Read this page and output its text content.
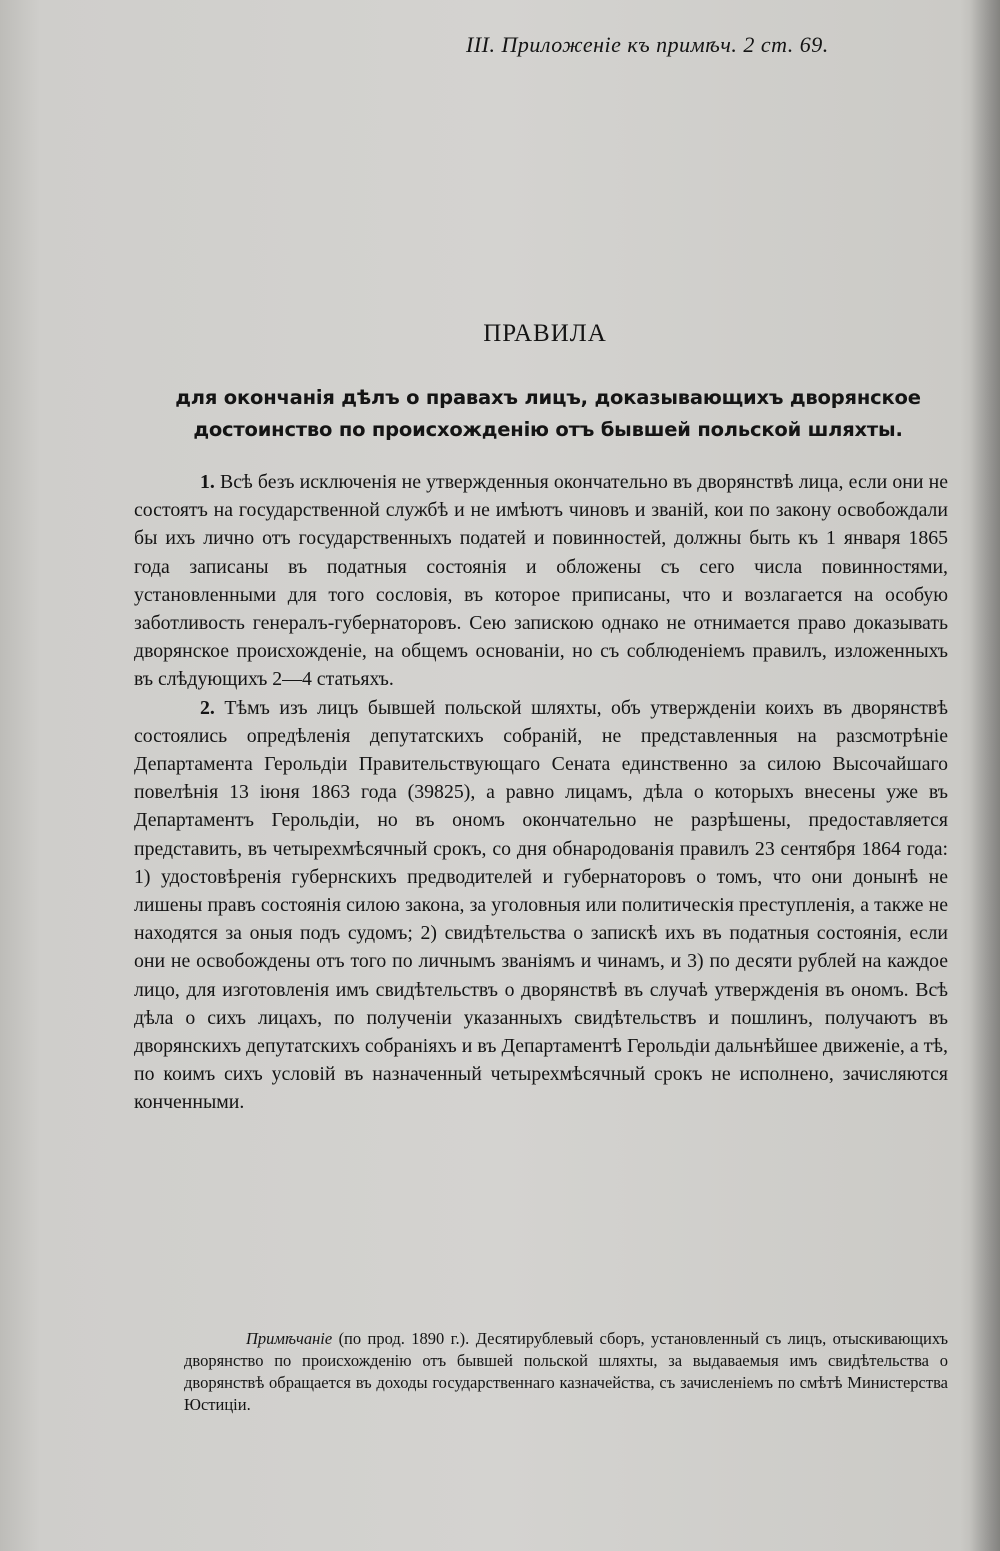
III. Приложеніе къ примѣч. 2 ст. 69.
ПРАВИЛА
для окончанія дѣлъ о правахъ лицъ, доказывающихъ дворянское достоинство по происхожденію отъ бывшей польской шляхты.

1. Всѣ безъ исключенія не утвержденныя окончательно въ дворянствѣ лица, если они не состоятъ на государственной службѣ и не имѣютъ чиновъ и званій, кои по закону освобождали бы ихъ лично отъ государственныхъ податей и повинностей, должны быть къ 1 января 1865 года записаны въ податныя состоянія и обложены съ сего числа повинностями, установленными для того сословія, въ которое приписаны, что и возлагается на особую заботливость генералъ-губернаторовъ. Сею запискою однако не отнимается право доказывать дворянское происхожденіе, на общемъ основаніи, но съ соблюденіемъ правилъ, изложенныхъ въ слѣдующихъ 2—4 статьяхъ.

2. Тѣмъ изъ лицъ бывшей польской шляхты, объ утвержденіи коихъ въ дворянствѣ состоялись опредѣленія депутатскихъ собраній, не представленныя на разсмотрѣніе Департамента Герольдіи Правительствующаго Сената единственно за силою Высочайшаго повелѣнія 13 іюня 1863 года (39825), а равно лицамъ, дѣла о которыхъ внесены уже въ Департаментъ Герольдіи, но въ ономъ окончательно не разрѣшены, предоставляется представить, въ четырехмѣсячный срокъ, со дня обнародованія правилъ 23 сентября 1864 года: 1) удостовѣренія губернскихъ предводителей и губернаторовъ о томъ, что они донынѣ не лишены правъ состоянія силою закона, за уголовныя или политическія преступленія, а также не находятся за оныя подъ судомъ; 2) свидѣтельства о запискѣ ихъ въ податныя состоянія, если они не освобождены отъ того по личнымъ званіямъ и чинамъ, и 3) по десяти рублей на каждое лицо, для изготовленія имъ свидѣтельствъ о дворянствѣ въ случаѣ утвержденія въ ономъ. Всѣ дѣла о сихъ лицахъ, по полученіи указанныхъ свидѣтельствъ и пошлинъ, получаютъ въ дворянскихъ депутатскихъ собраніяхъ и въ Департаментѣ Герольдіи дальнѣйшее движеніе, а тѣ, по коимъ сихъ условій въ назначенный четырехмѣсячный срокъ не исполнено, зачисляются конченными.

Примѣчаніе (по прод. 1890 г.). Десятирублевый сборъ, установленный съ лицъ, отыскивающихъ дворянство по происхожденію отъ бывшей польской шляхты, за выдаваемыя имъ свидѣтельства о дворянствѣ обращается въ доходы государственнаго казначейства, съ зачисленіемъ по смѣтѣ Министерства Юстиціи.
